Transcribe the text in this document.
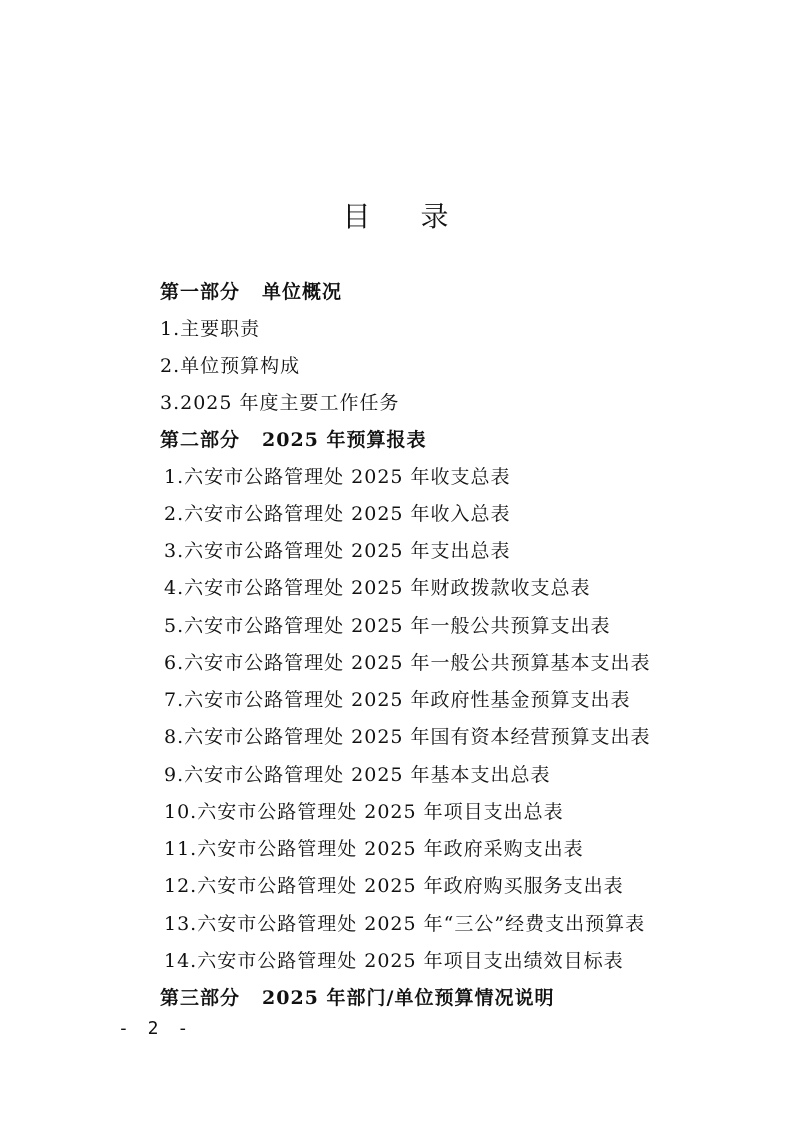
目 录
第一部分 单位概况
1.主要职责
2.单位预算构成
3.2025 年度主要工作任务
第二部分 2025 年预算报表
1.六安市公路管理处 2025 年收支总表
2.六安市公路管理处 2025 年收入总表
3.六安市公路管理处 2025 年支出总表
4.六安市公路管理处 2025 年财政拨款收支总表
5.六安市公路管理处 2025 年一般公共预算支出表
6.六安市公路管理处 2025 年一般公共预算基本支出表
7.六安市公路管理处 2025 年政府性基金预算支出表
8.六安市公路管理处 2025 年国有资本经营预算支出表
9.六安市公路管理处 2025 年基本支出总表
10.六安市公路管理处 2025 年项目支出总表
11.六安市公路管理处 2025 年政府采购支出表
12.六安市公路管理处 2025 年政府购买服务支出表
13.六安市公路管理处 2025 年“三公”经费支出预算表
14.六安市公路管理处 2025 年项目支出绩效目标表
第三部分 2025 年部门/单位预算情况说明
- 2 -
